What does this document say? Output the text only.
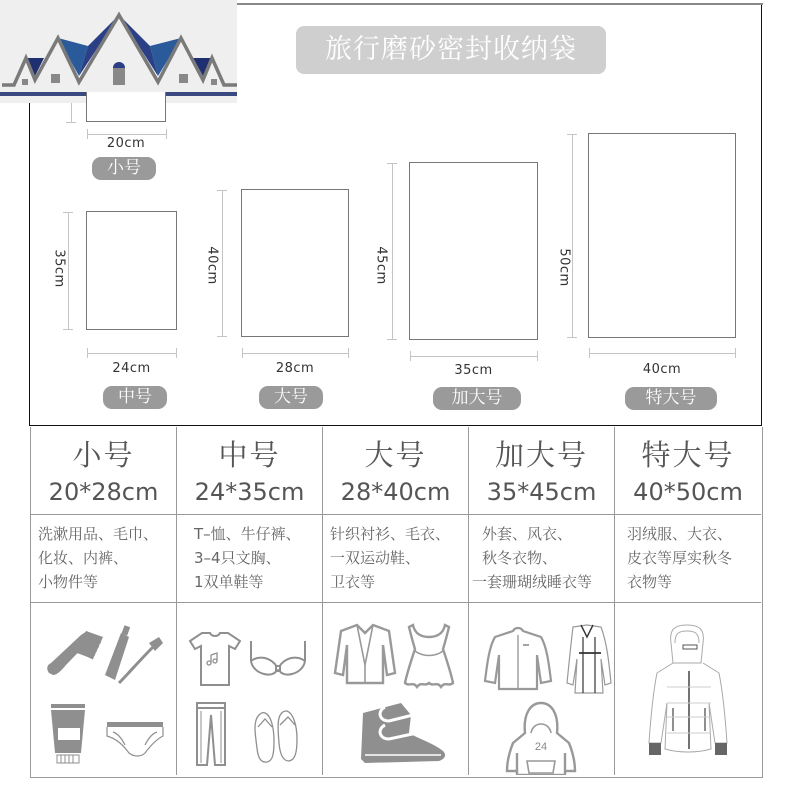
旅行磨砂密封收纳袋
20cm
小号
35cm
24cm
中号
40cm
28cm
大号
45cm
35cm
加大号
50cm
40cm
特大号
小号
20*28cm
中号
24*35cm
大号
28*40cm
加大号
35*45cm
特大号
40*50cm
洗漱用品、毛巾、
化妆、内裤、
小物件等
T–恤、牛仔裤、
3–4只文胸、
1双单鞋等
针织衬衫、毛衣、
一双运动鞋、
卫衣等
外套、风衣、
秋冬衣物、
一套珊瑚绒睡衣等
羽绒服、大衣、
皮衣等厚实秋冬
衣物等
24
